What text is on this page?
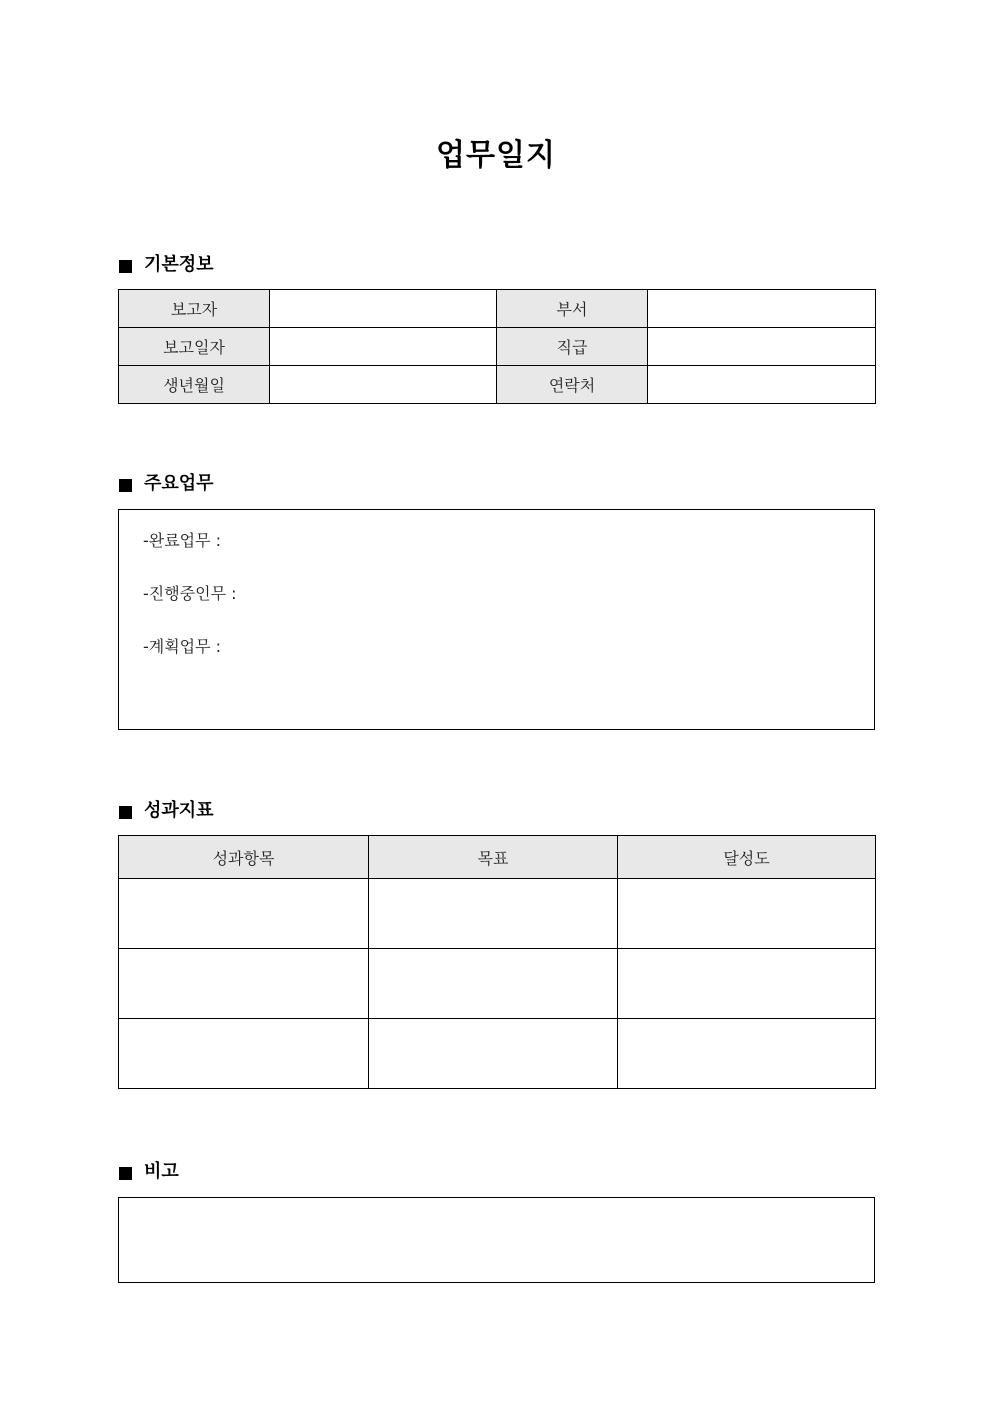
업무일지
기본정보
보고자		부서	
보고일자		직급	
생년월일		연락처	
주요업무
-완료업무 :
-진행중인무 :
-계획업무 :
성과지표
성과항목	목표	달성도

비고
